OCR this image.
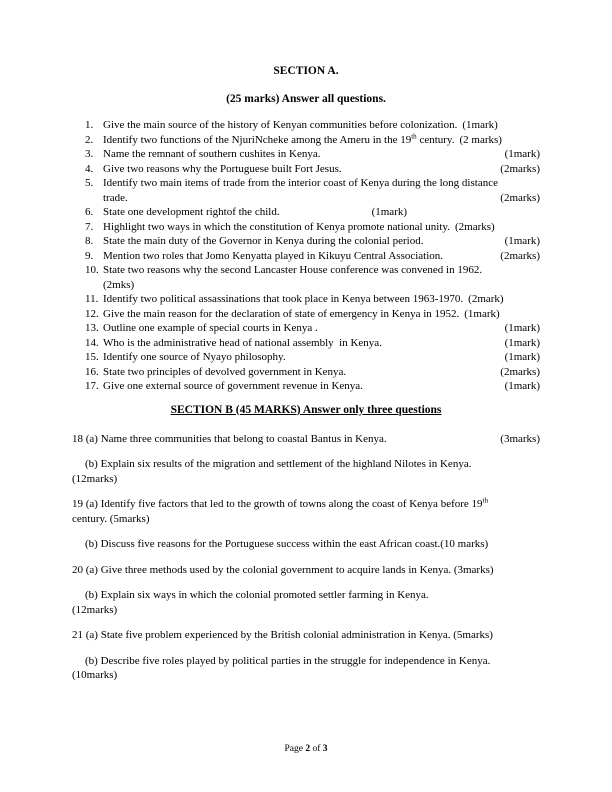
SECTION A.
(25 marks) Answer all questions.
1. Give the main source of the history of Kenyan communities before colonization. (1mark)
2. Identify two functions of the NjuriNcheke among the Ameru in the 19th century. (2 marks)
3. Name the remnant of southern cushites in Kenya.	(1mark)
4. Give two reasons why the Portuguese built Fort Jesus.	(2marks)
5. Identify two main items of trade from the interior coast of Kenya during the long distance
trade.	(2marks)
6. State one development rightof the child.	(1mark)
7. Highlight two ways in which the constitution of Kenya promote national unity. (2marks)
8. State the main duty of the Governor in Kenya during the colonial period.	(1mark)
9. Mention two roles that Jomo Kenyatta played in Kikuyu Central Association.	(2marks)
10. State two reasons why the second Lancaster House conference was convened in 1962.
(2mks)
11. Identify two political assassinations that took place in Kenya between 1963-1970. (2mark)
12. Give the main reason for the declaration of state of emergency in Kenya in 1952. (1mark)
13. Outline one example of special courts in Kenya .	(1mark)
14. Who is the administrative head of national assembly  in Kenya.	(1mark)
15. Identify one source of Nyayo philosophy.	(1mark)
16. State two principles of devolved government in Kenya.	(2marks)
17. Give one external source of government revenue in Kenya.	(1mark)
SECTION B (45 MARKS) Answer only three questions
18 (a) Name three communities that belong to coastal Bantus in Kenya.	(3marks)
(b) Explain six results of the migration and settlement of the highland Nilotes in Kenya.
(12marks)
19 (a) Identify five factors that led to the growth of towns along the coast of Kenya before 19th
century. (5marks)
(b) Discuss five reasons for the Portuguese success within the east African coast.(10 marks)
20 (a) Give three methods used by the colonial government to acquire lands in Kenya. (3marks)
(b) Explain six ways in which the colonial promoted settler farming in Kenya.
(12marks)
21 (a) State five problem experienced by the British colonial administration in Kenya. (5marks)
(b) Describe five roles played by political parties in the struggle for independence in Kenya.
(10marks)
Page 2 of 3
